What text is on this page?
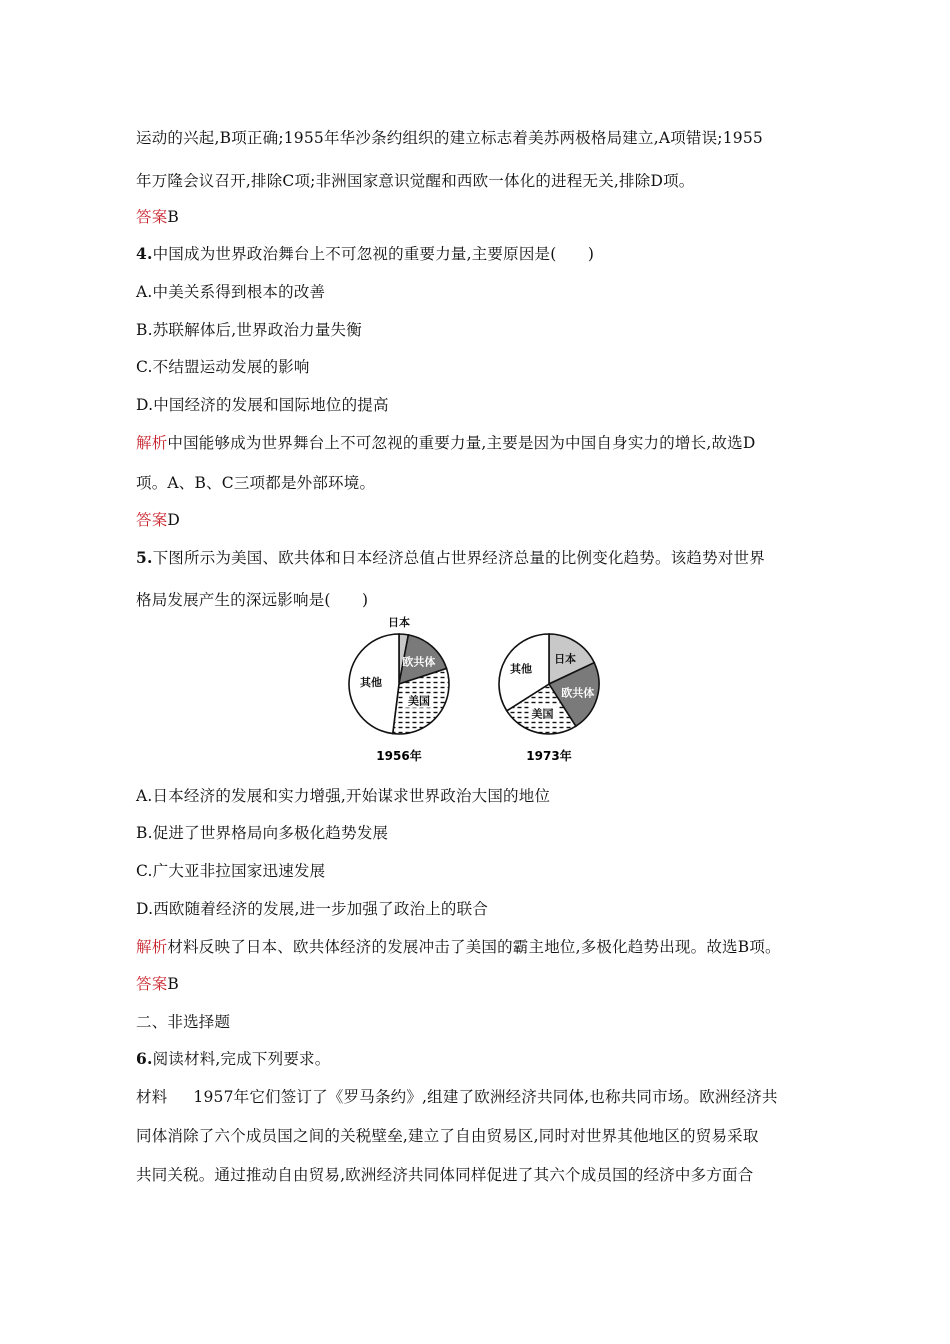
运动的兴起,B项正确;1955年华沙条约组织的建立标志着美苏两极格局建立,A项错误;1955
年万隆会议召开,排除C项;非洲国家意识觉醒和西欧一体化的进程无关,排除D项。
答案B
4.中国成为世界政治舞台上不可忽视的重要力量,主要原因是(　　)
A.中美关系得到根本的改善
B.苏联解体后,世界政治力量失衡
C.不结盟运动发展的影响
D.中国经济的发展和国际地位的提高
解析中国能够成为世界舞台上不可忽视的重要力量,主要是因为中国自身实力的增长,故选D
项。A、B、C三项都是外部环境。
答案D
5.下图所示为美国、欧共体和日本经济总值占世界经济总量的比例变化趋势。该趋势对世界
格局发展产生的深远影响是(　　)
日本
欧共体
美国
其他
日本
欧共体
美国
其他
1956年	1973年
A.日本经济的发展和实力增强,开始谋求世界政治大国的地位
B.促进了世界格局向多极化趋势发展
C.广大亚非拉国家迅速发展
D.西欧随着经济的发展,进一步加强了政治上的联合
解析材料反映了日本、欧共体经济的发展冲击了美国的霸主地位,多极化趋势出现。故选B项。
答案B
二、非选择题
6.阅读材料,完成下列要求。
材料 1957年它们签订了《罗马条约》,组建了欧洲经济共同体,也称共同市场。欧洲经济共
同体消除了六个成员国之间的关税壁垒,建立了自由贸易区,同时对世界其他地区的贸易采取
共同关税。通过推动自由贸易,欧洲经济共同体同样促进了其六个成员国的经济中多方面合
